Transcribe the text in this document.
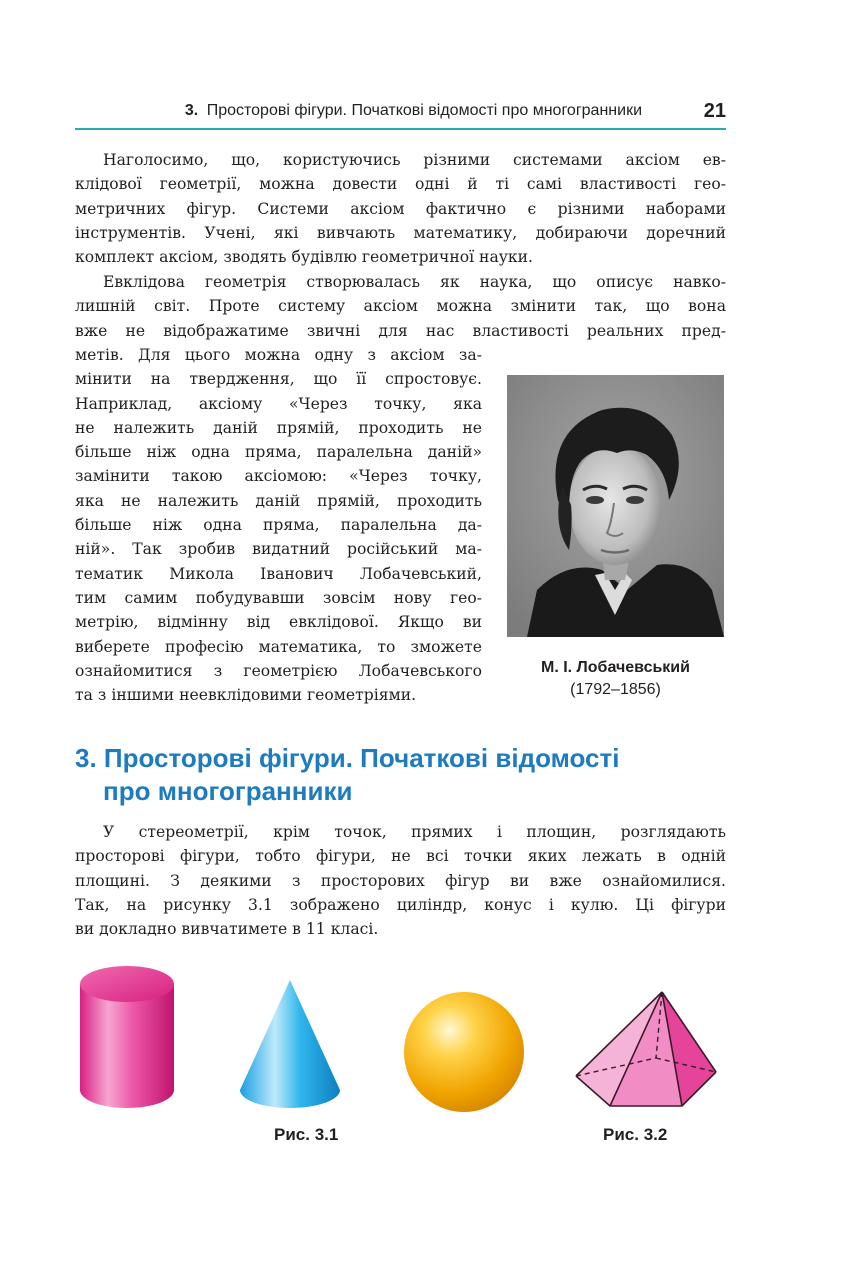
3. Просторові фігури. Початкові відомості про многогранники	21
Наголосимо, що, користуючись різними системами аксіом ев-
клідової геометрії, можна довести одні й ті самі властивості гео-
метричних фігур. Системи аксіом фактично є різними наборами
інструментів. Учені, які вивчають математику, добираючи доречний
комплект аксіом, зводять будівлю геометричної науки.
Евклідова геометрія створювалась як наука, що описує навко-
лишній світ. Проте систему аксіом можна змінити так, що вона
вже не відображатиме звичні для нас властивості реальних пред-
метів. Для цього можна одну з аксіом за-
мінити на твердження, що її спростовує.
Наприклад, аксіому «Через точку, яка
не належить даній прямій, проходить не
більше ніж одна пряма, паралельна даній»
замінити такою аксіомою: «Через точку,
яка не належить даній прямій, проходить
більше ніж одна пряма, паралельна да-
ній». Так зробив видатний російський ма-
тематик Микола Іванович Лобачевський,
тим самим побудувавши зовсім нову гео-
метрію, відмінну від евклідової. Якщо ви
виберете професію математика, то зможете
ознайомитися з геометрією Лобачевського
та з іншими неевклідовими геометріями.
М. І. Лобачевський
(1792–1856)
3. Просторові фігури. Початкові відомості
про многогранники
У стереометрії, крім точок, прямих і площин, розглядають
просторові фігури, тобто фігури, не всі точки яких лежать в одній
площині. З деякими з просторових фігур ви вже ознайомилися.
Так, на рисунку 3.1 зображено циліндр, конус і кулю. Ці фігури
ви докладно вивчатимете в 11 класі.
Рис. 3.1	Рис. 3.2
